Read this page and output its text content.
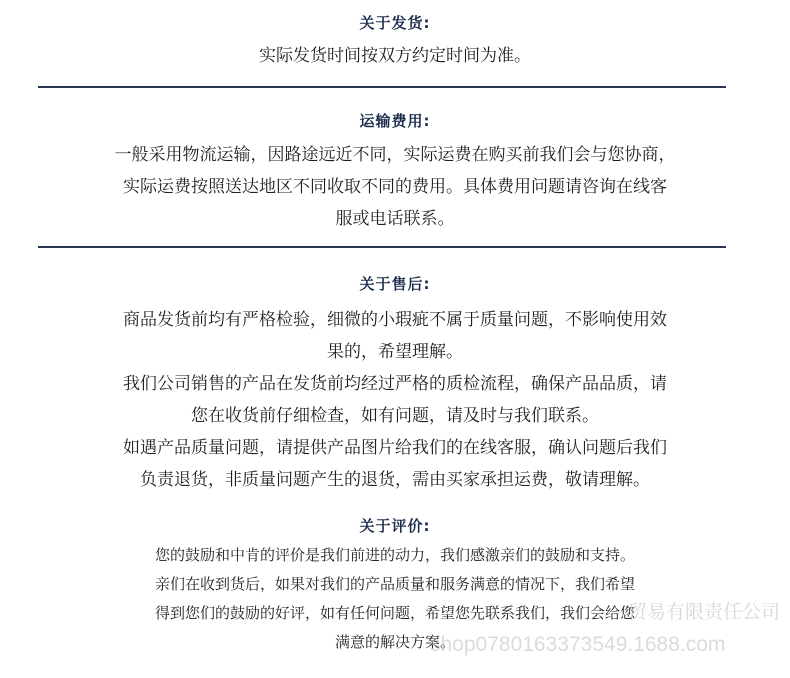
关于发货:
实际发货时间按双方约定时间为准。
运输费用:
一般采用物流运输，因路途远近不同，实际运费在购买前我们会与您协商，
实际运费按照送达地区不同收取不同的费用。具体费用问题请咨询在线客
服或电话联系。
关于售后:
商品发货前均有严格检验，细微的小瑕疵不属于质量问题，不影响使用效
果的，希望理解。
我们公司销售的产品在发货前均经过严格的质检流程，确保产品品质，请
您在收货前仔细检查，如有问题，请及时与我们联系。
如遇产品质量问题，请提供产品图片给我们的在线客服，确认问题后我们
负责退货，非质量问题产生的退货，需由买家承担运费，敬请理解。
关于评价:
您的鼓励和中肯的评价是我们前进的动力，我们感激亲们的鼓励和支持。
亲们在收到货后，如果对我们的产品质量和服务满意的情况下，我们希望
得到您们的鼓励的好评，如有任何问题，希望您先联系我们，我们会给您
满意的解决方案。
贸易有限责任公司
shop0780163373549.1688.com
